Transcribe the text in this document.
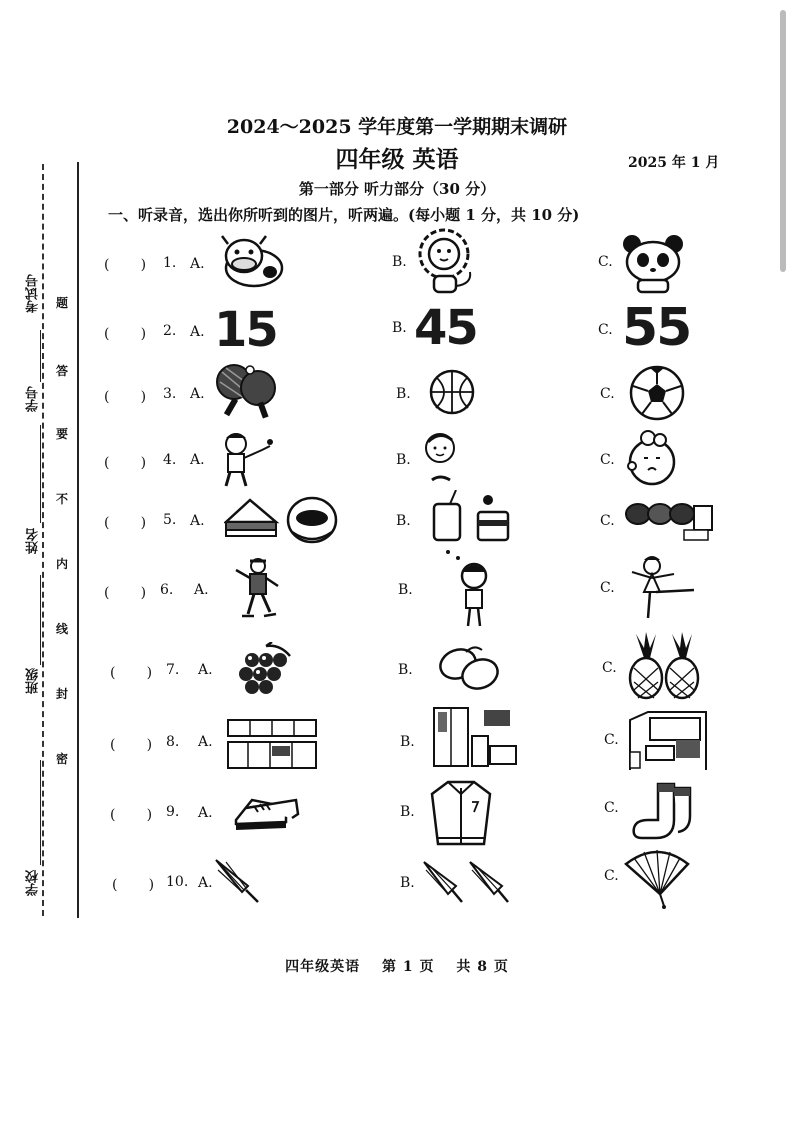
2024～2025 学年度第一学期期末调研
四年级 英语	2025 年 1 月
第一部分 听力部分（30 分）
一、听录音，选出你所听到的图片，听两遍。(每小题 1 分，共 10 分)
学校
班级
姓名
学号
考试号 题
答
要
不
内
线
封
密
(       ) 1. A.	B.	C.
(       ) 2. A. 15	B. 45	C. 55
(       ) 3. A.	B.	C.
(       ) 4. A.	B.	C.
(       ) 5. A.	B.	C.
(       ) 6. A.	B.	C.
(       ) 7. A.	B.	C.
(       ) 8. A.	B.	C.
(       ) 9. A.	B.	C.
(       ) 10. A.	B.	C.
四年级英语 第 1 页 共 8 页
